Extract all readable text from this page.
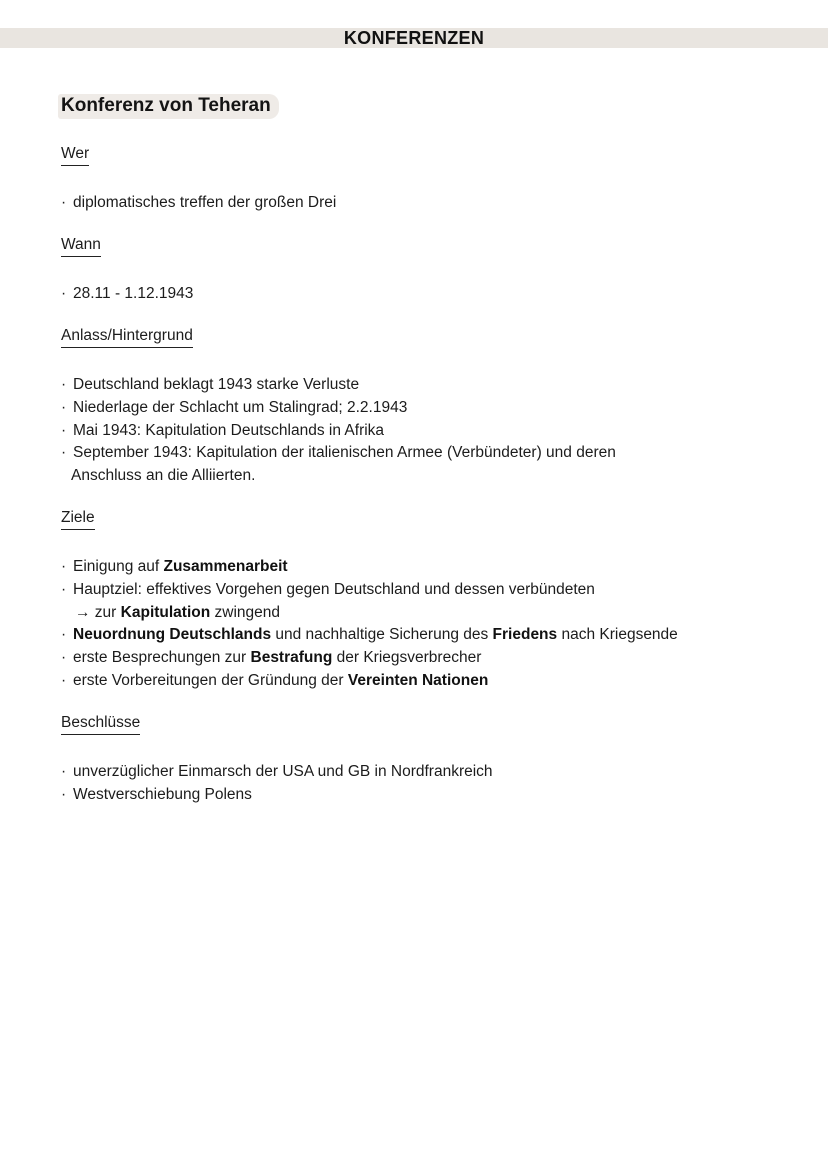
KONFERENZEN
Konferenz von Teheran
Wer
· diplomatisches treffen der großen Drei
Wann
· 28.11 - 1.12.1943
Anlass/Hintergrund
· Deutschland beklagt 1943 starke Verluste
· Niederlage der Schlacht um Stalingrad; 2.2.1943
· Mai 1943: Kapitulation Deutschlands in Afrika
· September 1943: Kapitulation der italienischen Armee (Verbündeter) und deren
Anschluss an die Alliierten.
Ziele
· Einigung auf Zusammenarbeit
· Hauptziel: effektives Vorgehen gegen Deutschland und dessen verbündeten
→ zur Kapitulation zwingend
· Neuordnung Deutschlands und nachhaltige Sicherung des Friedens nach Kriegsende
· erste Besprechungen zur Bestrafung der Kriegsverbrecher
· erste Vorbereitungen der Gründung der Vereinten Nationen
Beschlüsse
· unverzüglicher Einmarsch der USA und GB in Nordfrankreich
· Westverschiebung Polens
